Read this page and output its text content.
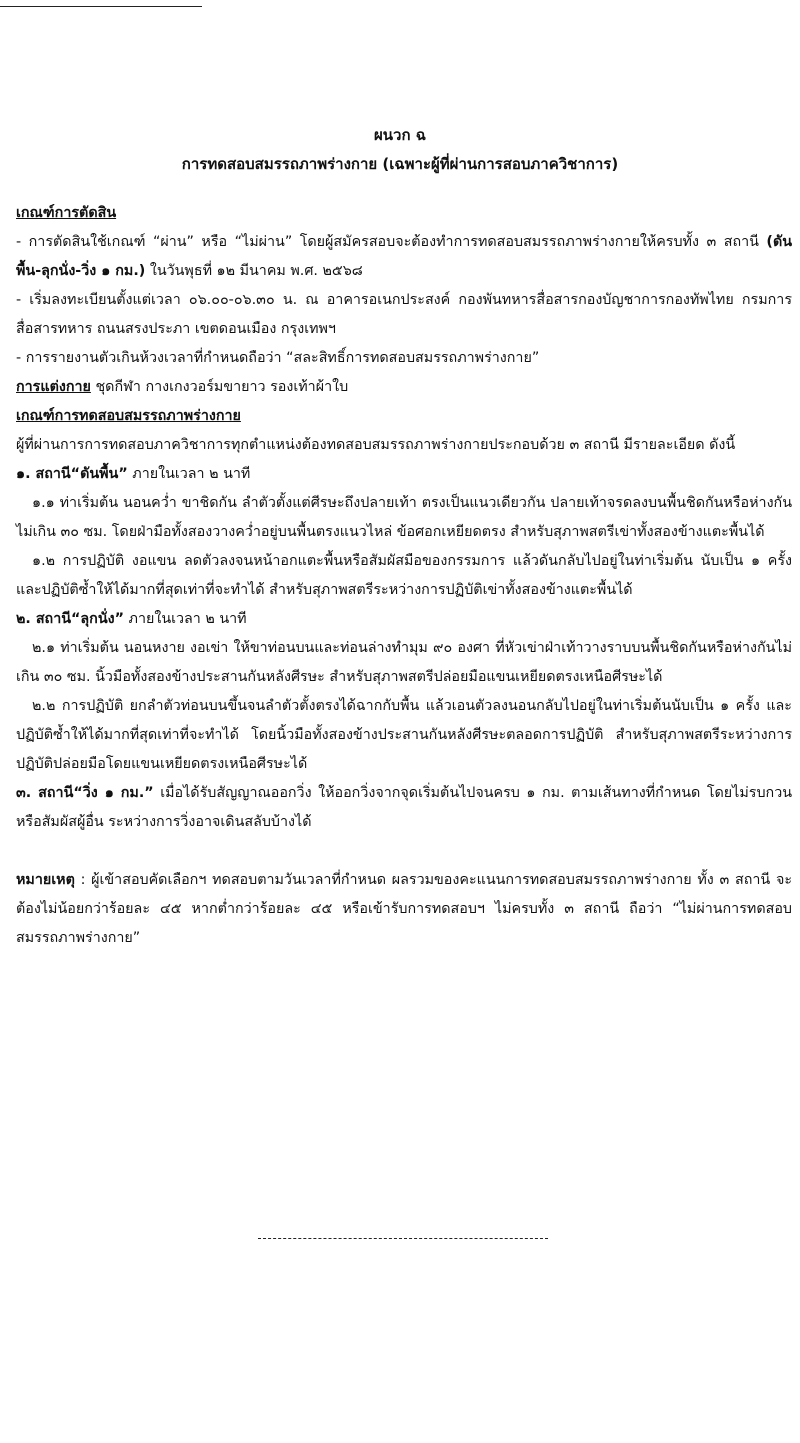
ผนวก ฉ

การทดสอบสมรรถภาพร่างกาย (เฉพาะผู้ที่ผ่านการสอบภาควิชาการ)

เกณฑ์การตัดสิน

- การตัดสินใช้เกณฑ์ “ผ่าน” หรือ “ไม่ผ่าน” โดยผู้สมัครสอบจะต้องทำการทดสอบสมรรถภาพร่างกายให้ครบทั้ง ๓ สถานี (ดันพื้น-ลุกนั่ง-วิ่ง ๑ กม.) ในวันพุธที่ ๑๒ มีนาคม พ.ศ. ๒๕๖๘

- เริ่มลงทะเบียนตั้งแต่เวลา ๐๖.๐๐-๐๖.๓๐ น. ณ อาคารอเนกประสงค์ กองพันทหารสื่อสารกองบัญชาการกองทัพไทย กรมการสื่อสารทหาร ถนนสรงประภา เขตดอนเมือง กรุงเทพฯ

- การรายงานตัวเกินห้วงเวลาที่กำหนดถือว่า “สละสิทธิ์การทดสอบสมรรถภาพร่างกาย”

การแต่งกาย ชุดกีฬา กางเกงวอร์มขายาว รองเท้าผ้าใบ

เกณฑ์การทดสอบสมรรถภาพร่างกาย

ผู้ที่ผ่านการการทดสอบภาควิชาการทุกตำแหน่งต้องทดสอบสมรรถภาพร่างกายประกอบด้วย ๓ สถานี มีรายละเอียด ดังนี้

๑. สถานี“ดันพื้น” ภายในเวลา ๒ นาที

๑.๑ ท่าเริ่มต้น นอนคว่ำ ขาชิดกัน ลำตัวตั้งแต่ศีรษะถึงปลายเท้า ตรงเป็นแนวเดียวกัน ปลายเท้าจรดลงบนพื้นชิดกันหรือห่างกันไม่เกิน ๓๐ ซม. โดยฝ่ามือทั้งสองวางคว่ำอยู่บนพื้นตรงแนวไหล่ ข้อศอกเหยียดตรง สำหรับสุภาพสตรีเข่าทั้งสองข้างแตะพื้นได้

๑.๒ การปฏิบัติ งอแขน ลดตัวลงจนหน้าอกแตะพื้นหรือสัมผัสมือของกรรมการ แล้วดันกลับไปอยู่ในท่าเริ่มต้น นับเป็น ๑ ครั้ง และปฏิบัติซ้ำให้ได้มากที่สุดเท่าที่จะทำได้ สำหรับสุภาพสตรีระหว่างการปฏิบัติเข่าทั้งสองข้างแตะพื้นได้

๒. สถานี“ลุกนั่ง” ภายในเวลา ๒ นาที

๒.๑ ท่าเริ่มต้น นอนหงาย งอเข่า ให้ขาท่อนบนและท่อนล่างทำมุม ๙๐ องศา ที่หัวเข่าฝ่าเท้าวางราบบนพื้นชิดกันหรือห่างกันไม่เกิน ๓๐ ซม. นิ้วมือทั้งสองข้างประสานกันหลังศีรษะ สำหรับสุภาพสตรีปล่อยมือแขนเหยียดตรงเหนือศีรษะได้

๒.๒ การปฏิบัติ ยกลำตัวท่อนบนขึ้นจนลำตัวตั้งตรงได้ฉากกับพื้น แล้วเอนตัวลงนอนกลับไปอยู่ในท่าเริ่มต้นนับเป็น ๑ ครั้ง และปฏิบัติซ้ำให้ได้มากที่สุดเท่าที่จะทำได้ โดยนิ้วมือทั้งสองข้างประสานกันหลังศีรษะตลอดการปฏิบัติ สำหรับสุภาพสตรีระหว่างการปฏิบัติปล่อยมือโดยแขนเหยียดตรงเหนือศีรษะได้

๓. สถานี“วิ่ง ๑ กม.” เมื่อได้รับสัญญาณออกวิ่ง ให้ออกวิ่งจากจุดเริ่มต้นไปจนครบ ๑ กม. ตามเส้นทางที่กำหนด โดยไม่รบกวนหรือสัมผัสผู้อื่น ระหว่างการวิ่งอาจเดินสลับบ้างได้

หมายเหตุ : ผู้เข้าสอบคัดเลือกฯ ทดสอบตามวันเวลาที่กำหนด ผลรวมของคะแนนการทดสอบสมรรถภาพร่างกาย ทั้ง ๓ สถานี จะต้องไม่น้อยกว่าร้อยละ ๔๕ หากต่ำกว่าร้อยละ ๔๕ หรือเข้ารับการทดสอบฯ ไม่ครบทั้ง ๓ สถานี ถือว่า “ไม่ผ่านการทดสอบสมรรถภาพร่างกาย”
